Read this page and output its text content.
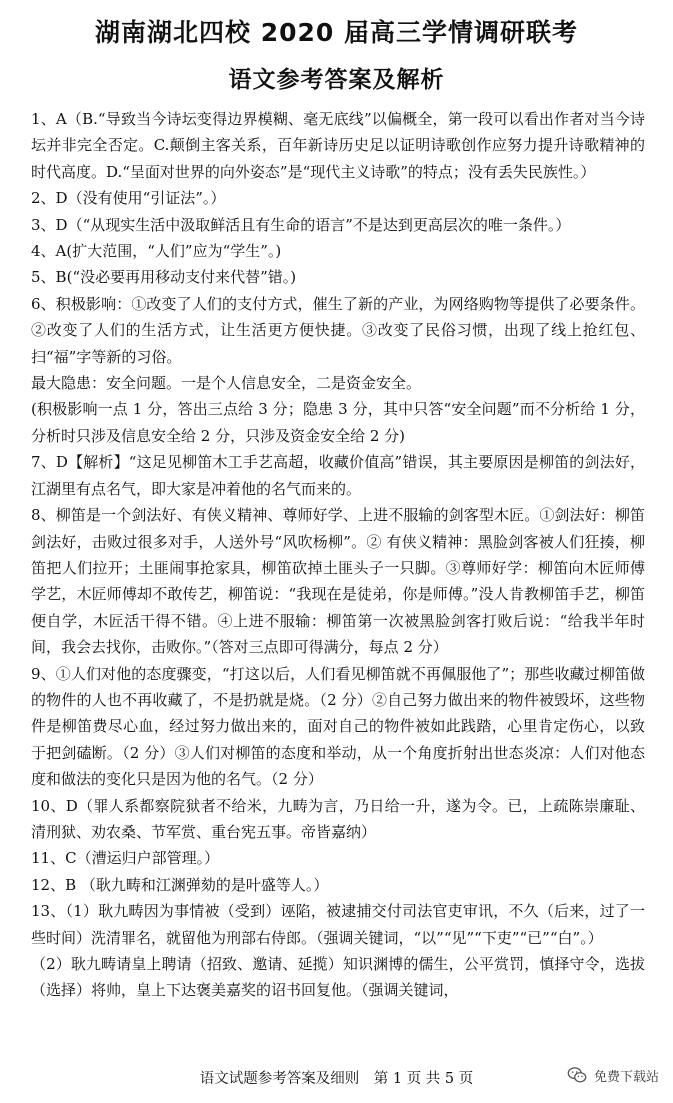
湖南湖北四校 2020 届高三学情调研联考
语文参考答案及解析

1、A（B.“导致当今诗坛变得边界模糊、毫无底线”以偏概全，第一段可以看出作者对当今诗坛并非完全否定。C.颠倒主客关系，百年新诗历史足以证明诗歌创作应努力提升诗歌精神的时代高度。D.“呈面对世界的向外姿态”是“现代主义诗歌”的特点；没有丢失民族性。）

2、D（没有使用“引证法”。）

3、D（“从现实生活中汲取鲜活且有生命的语言”不是达到更高层次的唯一条件。）

4、A(扩大范围，“人们”应为“学生”。)

5、B(“没必要再用移动支付来代替”错。)

6、积极影响：①改变了人们的支付方式，催生了新的产业，为网络购物等提供了必要条件。②改变了人们的生活方式，让生活更方便快捷。③改变了民俗习惯，出现了线上抢红包、扫“福”字等新的习俗。

最大隐患：安全问题。一是个人信息安全，二是资金安全。

(积极影响一点 1 分，答出三点给 3 分；隐患 3 分，其中只答“安全问题”而不分析给 1 分，分析时只涉及信息安全给 2 分，只涉及资金安全给 2 分)

7、D【解析】“这足见柳笛木工手艺高超，收藏价值高”错误，其主要原因是柳笛的剑法好，江湖里有点名气，即大家是冲着他的名气而来的。

8、柳笛是一个剑法好、有侠义精神、尊师好学、上进不服输的剑客型木匠。①剑法好：柳笛剑法好，击败过很多对手，人送外号“风吹杨柳”。② 有侠义精神：黑脸剑客被人们狂揍，柳笛把人们拉开；土匪闹事抢家具，柳笛砍掉土匪头子一只脚。③尊师好学：柳笛向木匠师傅学艺，木匠师傅却不敢传艺，柳笛说：“我现在是徒弟，你是师傅。”没人肯教柳笛手艺，柳笛便自学，木匠活干得不错。④上进不服输：柳笛第一次被黑脸剑客打败后说：“给我半年时间，我会去找你，击败你。”（答对三点即可得满分，每点 2 分）

9、①人们对他的态度骤变，“打这以后，人们看见柳笛就不再佩服他了”；那些收藏过柳笛做的物件的人也不再收藏了，不是扔就是烧。（2 分）②自己努力做出来的物件被毁坏，这些物件是柳笛费尽心血，经过努力做出来的，面对自己的物件被如此践踏，心里肯定伤心，以致于把剑磕断。（2 分）③人们对柳笛的态度和举动，从一个角度折射出世态炎凉：人们对他态度和做法的变化只是因为他的名气。（2 分）

10、D（罪人系都察院狱者不给米，九畴为言，乃日给一升，遂为令。已，上疏陈崇廉耻、清刑狱、劝农桑、节军赏、重台宪五事。帝皆嘉纳）

11、C（漕运归户部管理。）

12、B （耿九畴和江渊弹劾的是叶盛等人。）

13、（1）耿九畴因为事情被（受到）诬陷，被逮捕交付司法官吏审讯，不久（后来，过了一些时间）洗清罪名，就留他为刑部右侍郎。（强调关键词，“以”“见”“下吏”“已”“白”。）

（2）耿九畴请皇上聘请（招致、邀请、延揽）知识渊博的儒生，公平赏罚，慎择守令，选拔（选择）将帅，皇上下达褒美嘉奖的诏书回复他。（强调关键词，

语文试题参考答案及细则　第 1 页 共 5 页	免费下载站
